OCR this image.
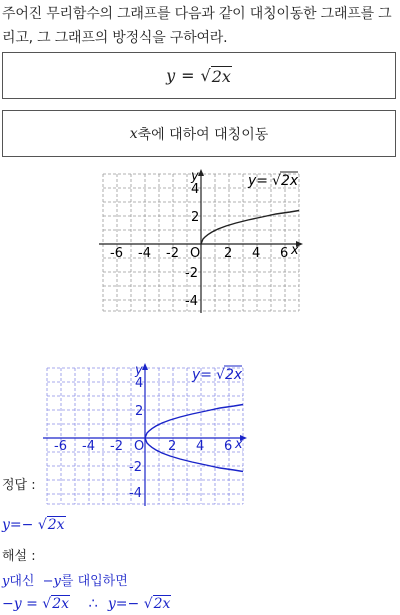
주어진 무리함수의 그래프를 다음과 같이 대칭이동한 그래프를 그리고, 그 그래프의 방정식을 구하여라.
y = √ 2x
x 축에 대하여 대칭이동
y
x
O
-6 -4 -2	2 4 6
4
2
-2
-4
y= √ 2x
정답 :
y
x
O
-6 -4 -2	2 4 6
4
2
-2
-4
y= √ 2x
y=− √2x
해설 :
y대신 −y를 대입하면
−y = √2x ∴ y=− √2x
